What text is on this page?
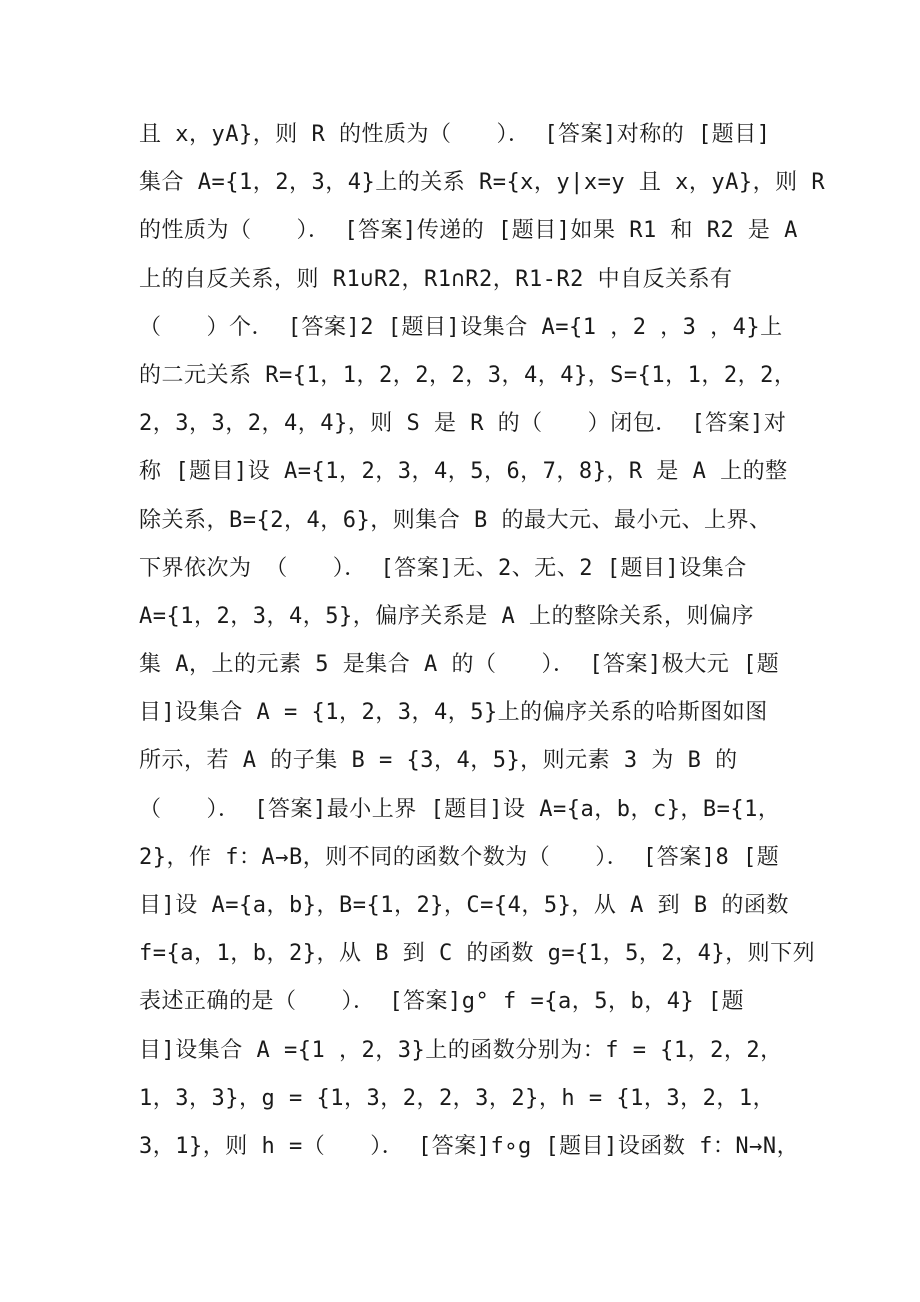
且 x，yA}，则 R 的性质为（　　）． [答案]对称的 [题目]
集合 A={1，2，3，4}上的关系 R={x，y|x=y 且 x，yA}，则 R
的性质为（　　）． [答案]传递的 [题目]如果 R1 和 R2 是 A
上的自反关系，则 R1∪R2，R1∩R2，R1-R2 中自反关系有
（　　）个． [答案]2 [题目]设集合 A={1 ，2 ，3 ，4}上
的二元关系 R={1，1，2，2，2，3，4，4}，S={1，1，2，2，
2，3，3，2，4，4}，则 S 是 R 的（　　）闭包． [答案]对
称 [题目]设 A={1，2，3，4，5，6，7，8}，R 是 A 上的整
除关系，B={2，4，6}，则集合 B 的最大元、最小元、上界、
下界依次为 （　　）． [答案]无、2、无、2 [题目]设集合
A={1，2，3，4，5}，偏序关系是 A 上的整除关系，则偏序
集 A，上的元素 5 是集合 A 的（　　）． [答案]极大元 [题
目]设集合 A = {1，2，3，4，5}上的偏序关系的哈斯图如图
所示，若 A 的子集 B = {3，4，5}，则元素 3 为 B 的
（　　）． [答案]最小上界 [题目]设 A={a，b，c}，B={1，
2}，作 f：A→B，则不同的函数个数为（　　）． [答案]8 [题
目]设 A={a，b}，B={1，2}，C={4，5}，从 A 到 B 的函数
f={a，1，b，2}，从 B 到 C 的函数 g={1，5，2，4}，则下列
表述正确的是（　　）． [答案]g° f ={a，5，b，4} [题
目]设集合 A ={1 ，2，3}上的函数分别为：f = {1，2，2，
1，3，3}，g = {1，3，2，2，3，2}，h = {1，3，2，1，
3，1}，则 h =（　　）． [答案]f∘g [题目]设函数 f：N→N，
